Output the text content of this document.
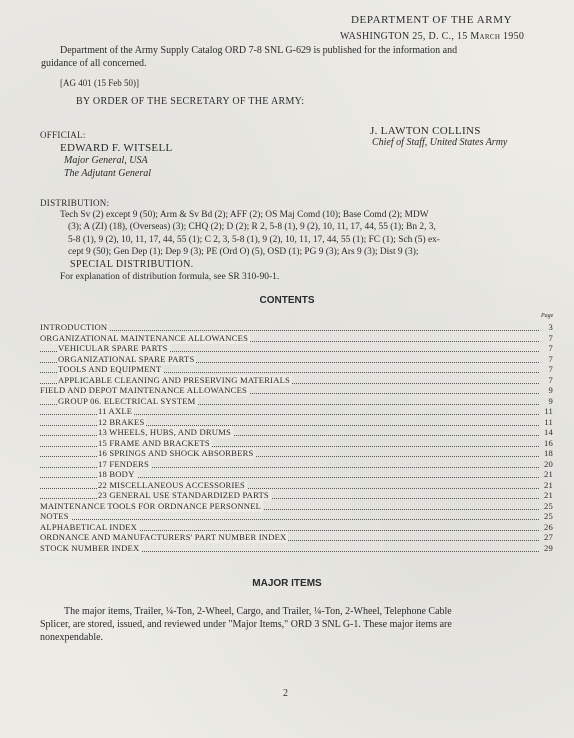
DEPARTMENT OF THE ARMY
WASHINGTON 25, D. C., 15 March 1950
Department of the Army Supply Catalog ORD 7-8 SNL G-629 is published for the information and
guidance of all concerned.
[AG 401 (15 Feb 50)]
BY ORDER OF THE SECRETARY OF THE ARMY:
OFFICIAL:
EDWARD F. WITSELL
Major General, USA
The Adjutant General
J. LAWTON COLLINS
Chief of Staff, United States Army
DISTRIBUTION:
Tech Sv (2) except 9 (50); Arm & Sv Bd (2); AFF (2); OS Maj Comd (10); Base Comd (2); MDW
(3); A (ZI) (18), (Overseas) (3); CHQ (2); D (2); R 2, 5-8 (1), 9 (2), 10, 11, 17, 44, 55 (1); Bn 2, 3,
5-8 (1), 9 (2), 10, 11, 17, 44, 55 (1); C 2, 3, 5-8 (1), 9 (2), 10, 11, 17, 44, 55 (1); FC (1); Sch (5) ex-
cept 9 (50); Gen Dep (1); Dep 9 (3); PE (Ord O) (5), OSD (1); PG 9 (3); Ars 9 (3); Dist 9 (3);
SPECIAL DISTRIBUTION.
For explanation of distribution formula, see SR 310-90-1.
CONTENTS
Page
INTRODUCTION	3
ORGANIZATIONAL MAINTENANCE ALLOWANCES	7
VEHICULAR SPARE PARTS	7
ORGANIZATIONAL SPARE PARTS	7
TOOLS AND EQUIPMENT	7
APPLICABLE CLEANING AND PRESERVING MATERIALS	7
FIELD AND DEPOT MAINTENANCE ALLOWANCES	9
GROUP 06. ELECTRICAL SYSTEM	9
11 AXLE	11
12 BRAKES	11
13 WHEELS, HUBS, AND DRUMS	14
15 FRAME AND BRACKETS	16
16 SPRINGS AND SHOCK ABSORBERS	18
17 FENDERS	20
18 BODY	21
22 MISCELLANEOUS ACCESSORIES	21
23 GENERAL USE STANDARDIZED PARTS	21
MAINTENANCE TOOLS FOR ORDNANCE PERSONNEL	25
NOTES	25
ALPHABETICAL INDEX	26
ORDNANCE AND MANUFACTURERS' PART NUMBER INDEX	27
STOCK NUMBER INDEX	29
MAJOR ITEMS
The major items, Trailer, ¼-Ton, 2-Wheel, Cargo, and Trailer, ¼-Ton, 2-Wheel, Telephone Cable
Splicer, are stored, issued, and reviewed under "Major Items," ORD 3 SNL G-1. These major items are
nonexpendable.
2
